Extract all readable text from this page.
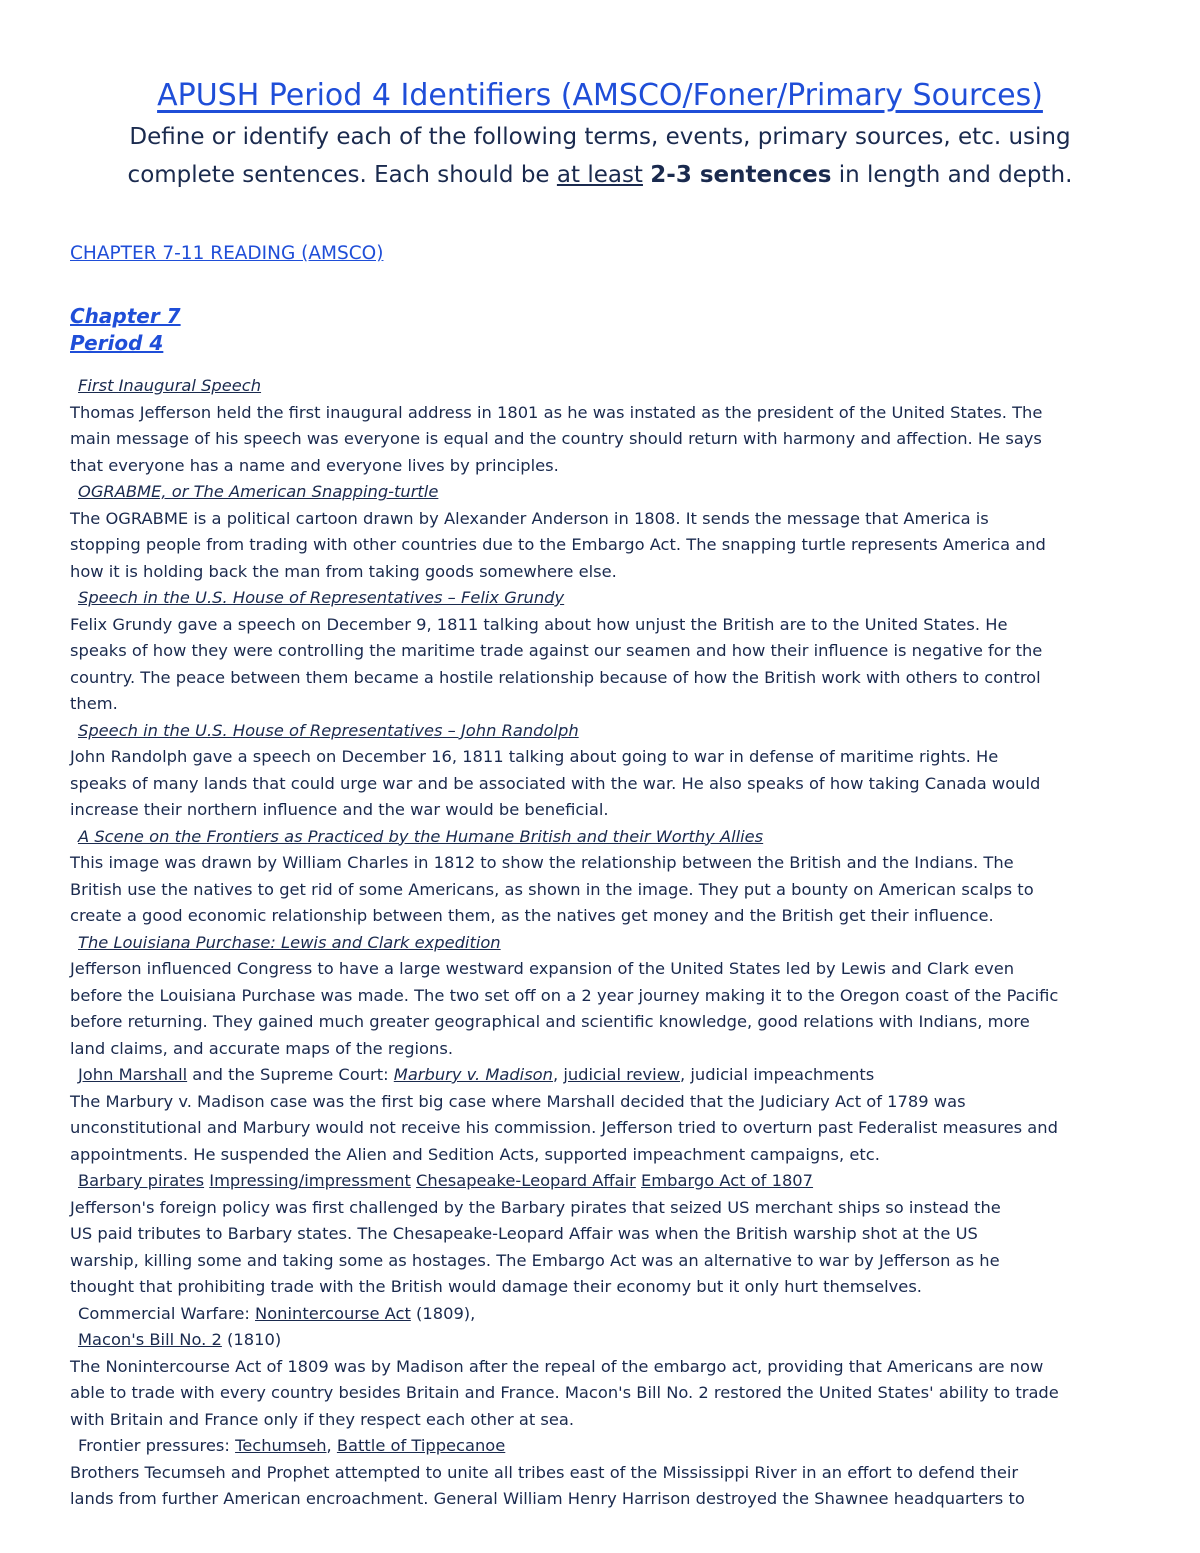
APUSH Period 4 Identifiers (AMSCO/Foner/Primary Sources)
Define or identify each of the following terms, events, primary sources, etc. using
complete sentences. Each should be at least 2-3 sentences in length and depth.
CHAPTER 7-11 READING (AMSCO)
Chapter 7
Period 4
First Inaugural Speech
Thomas Jefferson held the first inaugural address in 1801 as he was instated as the president of the United States. The
main message of his speech was everyone is equal and the country should return with harmony and affection. He says
that everyone has a name and everyone lives by principles.
OGRABME, or The American Snapping-turtle
The OGRABME is a political cartoon drawn by Alexander Anderson in 1808. It sends the message that America is
stopping people from trading with other countries due to the Embargo Act. The snapping turtle represents America and
how it is holding back the man from taking goods somewhere else.
Speech in the U.S. House of Representatives – Felix Grundy
Felix Grundy gave a speech on December 9, 1811 talking about how unjust the British are to the United States. He
speaks of how they were controlling the maritime trade against our seamen and how their influence is negative for the
country. The peace between them became a hostile relationship because of how the British work with others to control
them.
Speech in the U.S. House of Representatives – John Randolph
John Randolph gave a speech on December 16, 1811 talking about going to war in defense of maritime rights. He
speaks of many lands that could urge war and be associated with the war. He also speaks of how taking Canada would
increase their northern influence and the war would be beneficial.
A Scene on the Frontiers as Practiced by the Humane British and their Worthy Allies
This image was drawn by William Charles in 1812 to show the relationship between the British and the Indians. The
British use the natives to get rid of some Americans, as shown in the image. They put a bounty on American scalps to
create a good economic relationship between them, as the natives get money and the British get their influence.
The Louisiana Purchase: Lewis and Clark expedition
Jefferson influenced Congress to have a large westward expansion of the United States led by Lewis and Clark even
before the Louisiana Purchase was made. The two set off on a 2 year journey making it to the Oregon coast of the Pacific
before returning. They gained much greater geographical and scientific knowledge, good relations with Indians, more
land claims, and accurate maps of the regions.
John Marshall and the Supreme Court: Marbury v. Madison, judicial review, judicial impeachments
The Marbury v. Madison case was the first big case where Marshall decided that the Judiciary Act of 1789 was
unconstitutional and Marbury would not receive his commission. Jefferson tried to overturn past Federalist measures and
appointments. He suspended the Alien and Sedition Acts, supported impeachment campaigns, etc.
Barbary pirates Impressing/impressment Chesapeake-Leopard Affair Embargo Act of 1807
Jefferson's foreign policy was first challenged by the Barbary pirates that seized US merchant ships so instead the
US paid tributes to Barbary states. The Chesapeake-Leopard Affair was when the British warship shot at the US
warship, killing some and taking some as hostages. The Embargo Act was an alternative to war by Jefferson as he
thought that prohibiting trade with the British would damage their economy but it only hurt themselves.
Commercial Warfare: Nonintercourse Act (1809),
Macon's Bill No. 2 (1810)
The Nonintercourse Act of 1809 was by Madison after the repeal of the embargo act, providing that Americans are now
able to trade with every country besides Britain and France. Macon's Bill No. 2 restored the United States' ability to trade
with Britain and France only if they respect each other at sea.
Frontier pressures: Techumseh, Battle of Tippecanoe
Brothers Tecumseh and Prophet attempted to unite all tribes east of the Mississippi River in an effort to defend their
lands from further American encroachment. General William Henry Harrison destroyed the Shawnee headquarters to
